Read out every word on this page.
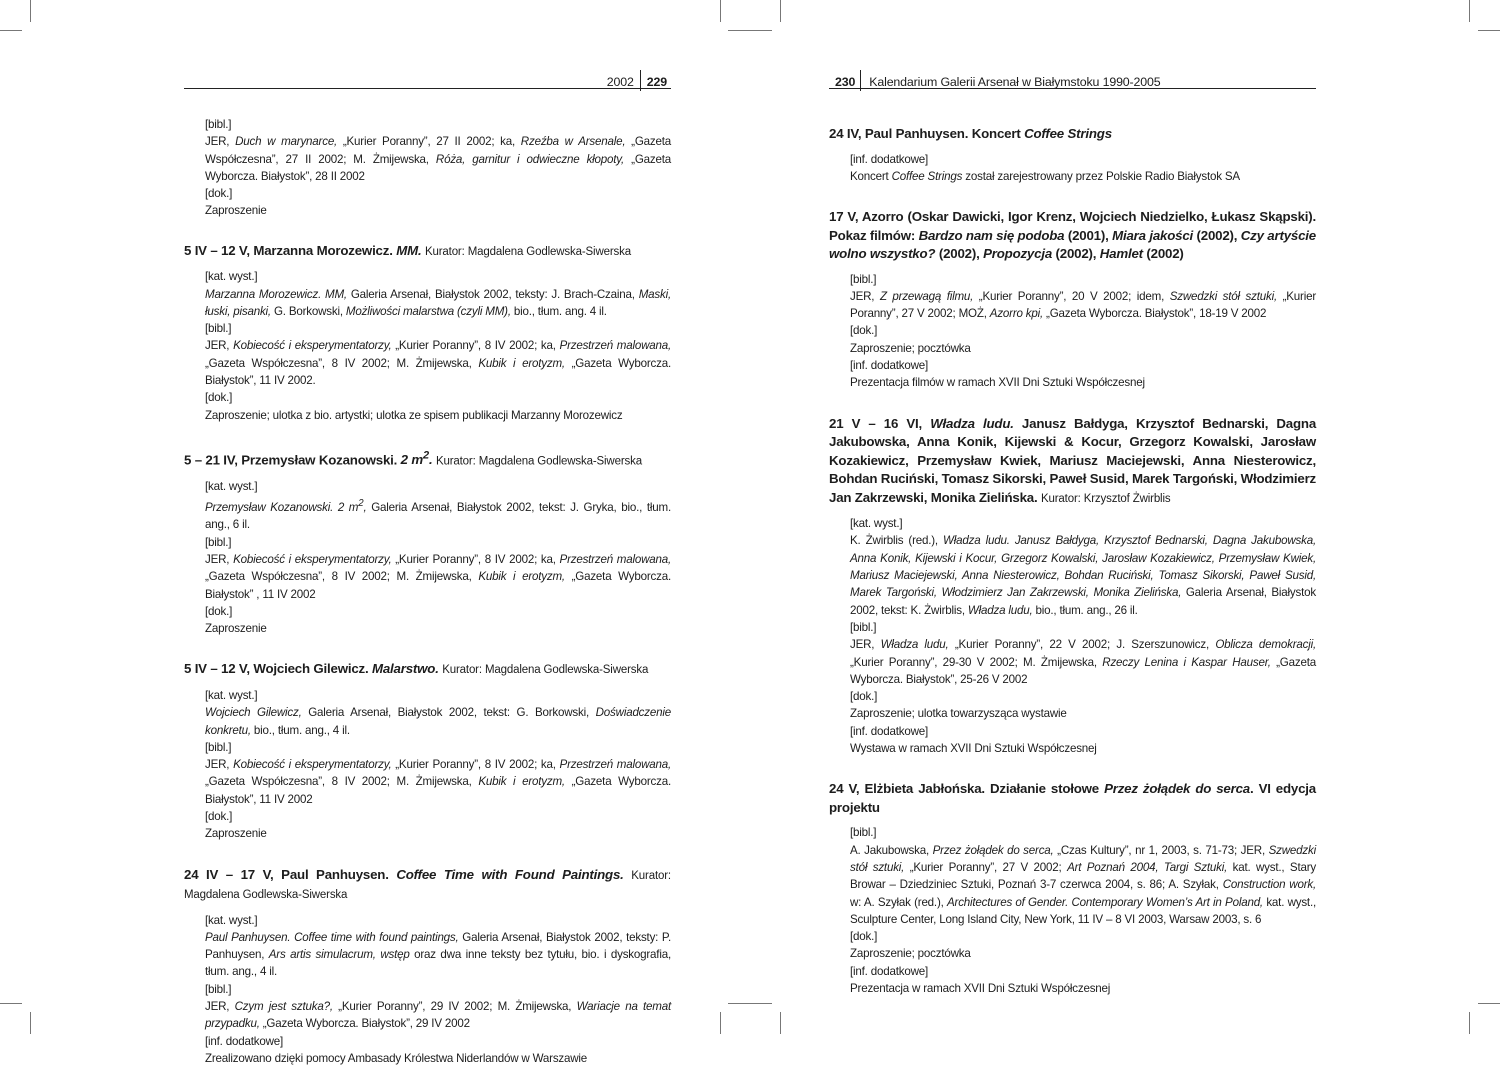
2002 229
[bibl.]
JER, Duch w marynarce, „Kurier Poranny”, 27 II 2002; ka, Rzeźba w Arsenale, „Gazeta Współczesna”, 27 II 2002; M. Żmijewska, Róża, garnitur i odwieczne kłopoty, „Gazeta Wyborcza. Białystok”, 28 II 2002
[dok.]
Zaproszenie
5 IV – 12 V, Marzanna Morozewicz. MM. Kurator: Magdalena Godlewska-Siwerska
[kat. wyst.]
Marzanna Morozewicz. MM, Galeria Arsenał, Białystok 2002, teksty: J. Brach-Czaina, Maski, łuski, pisanki, G. Borkowski, Możliwości malarstwa (czyli MM), bio., tłum. ang. 4 il.
[bibl.]
JER, Kobiecość i eksperymentatorzy, „Kurier Poranny”, 8 IV 2002; ka, Przestrzeń malowana, „Gazeta Współczesna”, 8 IV 2002; M. Żmijewska, Kubik i erotyzm, „Gazeta Wyborcza. Białystok”, 11 IV 2002.
[dok.]
Zaproszenie; ulotka z bio. artystki; ulotka ze spisem publikacji Marzanny Morozewicz
5 – 21 IV, Przemysław Kozanowski. 2 $m^2$. Kurator: Magdalena Godlewska-Siwerska
[kat. wyst.]
Przemysław Kozanowski. 2 $m^2$, Galeria Arsenał, Białystok 2002, tekst: J. Gryka, bio., tłum. ang., 6 il.
[bibl.]
JER, Kobiecość i eksperymentatorzy, „Kurier Poranny”, 8 IV 2002; ka, Przestrzeń malowana, „Gazeta Współczesna”, 8 IV 2002; M. Żmijewska, Kubik i erotyzm, „Gazeta Wyborcza. Białystok” , 11 IV 2002
[dok.]
Zaproszenie
5 IV – 12 V, Wojciech Gilewicz. Malarstwo. Kurator: Magdalena Godlewska-Siwerska
[kat. wyst.]
Wojciech Gilewicz, Galeria Arsenał, Białystok 2002, tekst: G. Borkowski, Doświadczenie konkretu, bio., tłum. ang., 4 il.
[bibl.]
JER, Kobiecość i eksperymentatorzy, „Kurier Poranny”, 8 IV 2002; ka, Przestrzeń malowana, „Gazeta Współczesna”, 8 IV 2002; M. Żmijewska, Kubik i erotyzm, „Gazeta Wyborcza. Białystok”, 11 IV 2002
[dok.]
Zaproszenie
24 IV – 17 V, Paul Panhuysen. Coffee Time with Found Paintings. Kurator: Magdalena Godlewska-Siwerska
[kat. wyst.]
Paul Panhuysen. Coffee time with found paintings, Galeria Arsenał, Białystok 2002, teksty: P. Panhuysen, Ars artis simulacrum, wstęp oraz dwa inne teksty bez tytułu, bio. i dyskografia, tłum. ang., 4 il.
[bibl.]
JER, Czym jest sztuka?, „Kurier Poranny”, 29 IV 2002; M. Żmijewska, Wariacje na temat przypadku, „Gazeta Wyborcza. Białystok”, 29 IV 2002
[inf. dodatkowe]
Zrealizowano dzięki pomocy Ambasady Królestwa Niderlandów w Warszawie
230 Kalendarium Galerii Arsenał w Białymstoku 1990-2005
24 IV, Paul Panhuysen. Koncert Coffee Strings
[inf. dodatkowe]
Koncert Coffee Strings został zarejestrowany przez Polskie Radio Białystok SA
17 V, Azorro (Oskar Dawicki, Igor Krenz, Wojciech Niedzielko, Łukasz Skąpski). Pokaz filmów: Bardzo nam się podoba (2001), Miara jakości (2002), Czy artyście wolno wszystko? (2002), Propozycja (2002), Hamlet (2002)
[bibl.]
JER, Z przewagą filmu, „Kurier Poranny”, 20 V 2002; idem, Szwedzki stół sztuki, „Kurier Poranny”, 27 V 2002; MOŻ, Azorro kpi, „Gazeta Wyborcza. Białystok”, 18-19 V 2002
[dok.]
Zaproszenie; pocztówka
[inf. dodatkowe]
Prezentacja filmów w ramach XVII Dni Sztuki Współczesnej
21 V – 16 VI, Władza ludu. Janusz Bałdyga, Krzysztof Bednarski, Dagna Jakubowska, Anna Konik, Kijewski & Kocur, Grzegorz Kowalski, Jarosław Kozakiewicz, Przemysław Kwiek, Mariusz Maciejewski, Anna Niesterowicz, Bohdan Ruciński, Tomasz Sikorski, Paweł Susid, Marek Targoński, Włodzimierz Jan Zakrzewski, Monika Zielińska. Kurator: Krzysztof Żwirblis
[kat. wyst.]
K. Żwirblis (red.), Władza ludu. Janusz Bałdyga, Krzysztof Bednarski, Dagna Jakubowska, Anna Konik, Kijewski i Kocur, Grzegorz Kowalski, Jarosław Kozakiewicz, Przemysław Kwiek, Mariusz Maciejewski, Anna Niesterowicz, Bohdan Ruciński, Tomasz Sikorski, Paweł Susid, Marek Targoński, Włodzimierz Jan Zakrzewski, Monika Zielińska, Galeria Arsenał, Białystok 2002, tekst: K. Żwirblis, Władza ludu, bio., tłum. ang., 26 il.
[bibl.]
JER, Władza ludu, „Kurier Poranny”, 22 V 2002; J. Szerszunowicz, Oblicza demokracji, „Kurier Poranny”, 29-30 V 2002; M. Żmijewska, Rzeczy Lenina i Kaspar Hauser, „Gazeta Wyborcza. Białystok”, 25-26 V 2002
[dok.]
Zaproszenie; ulotka towarzysząca wystawie
[inf. dodatkowe]
Wystawa w ramach XVII Dni Sztuki Współczesnej
24 V, Elżbieta Jabłońska. Działanie stołowe Przez żołądek do serca. VI edycja projektu
[bibl.]
A. Jakubowska, Przez żołądek do serca, „Czas Kultury”, nr 1, 2003, s. 71-73; JER, Szwedzki stół sztuki, „Kurier Poranny”, 27 V 2002; Art Poznań 2004, Targi Sztuki, kat. wyst., Stary Browar – Dziedziniec Sztuki, Poznań 3-7 czerwca 2004, s. 86; A. Szyłak, Construction work, w: A. Szyłak (red.), Architectures of Gender. Contemporary Women’s Art in Poland, kat. wyst., Sculpture Center, Long Island City, New York, 11 IV – 8 VI 2003, Warsaw 2003, s. 6
[dok.]
Zaproszenie; pocztówka
[inf. dodatkowe]
Prezentacja w ramach XVII Dni Sztuki Współczesnej
